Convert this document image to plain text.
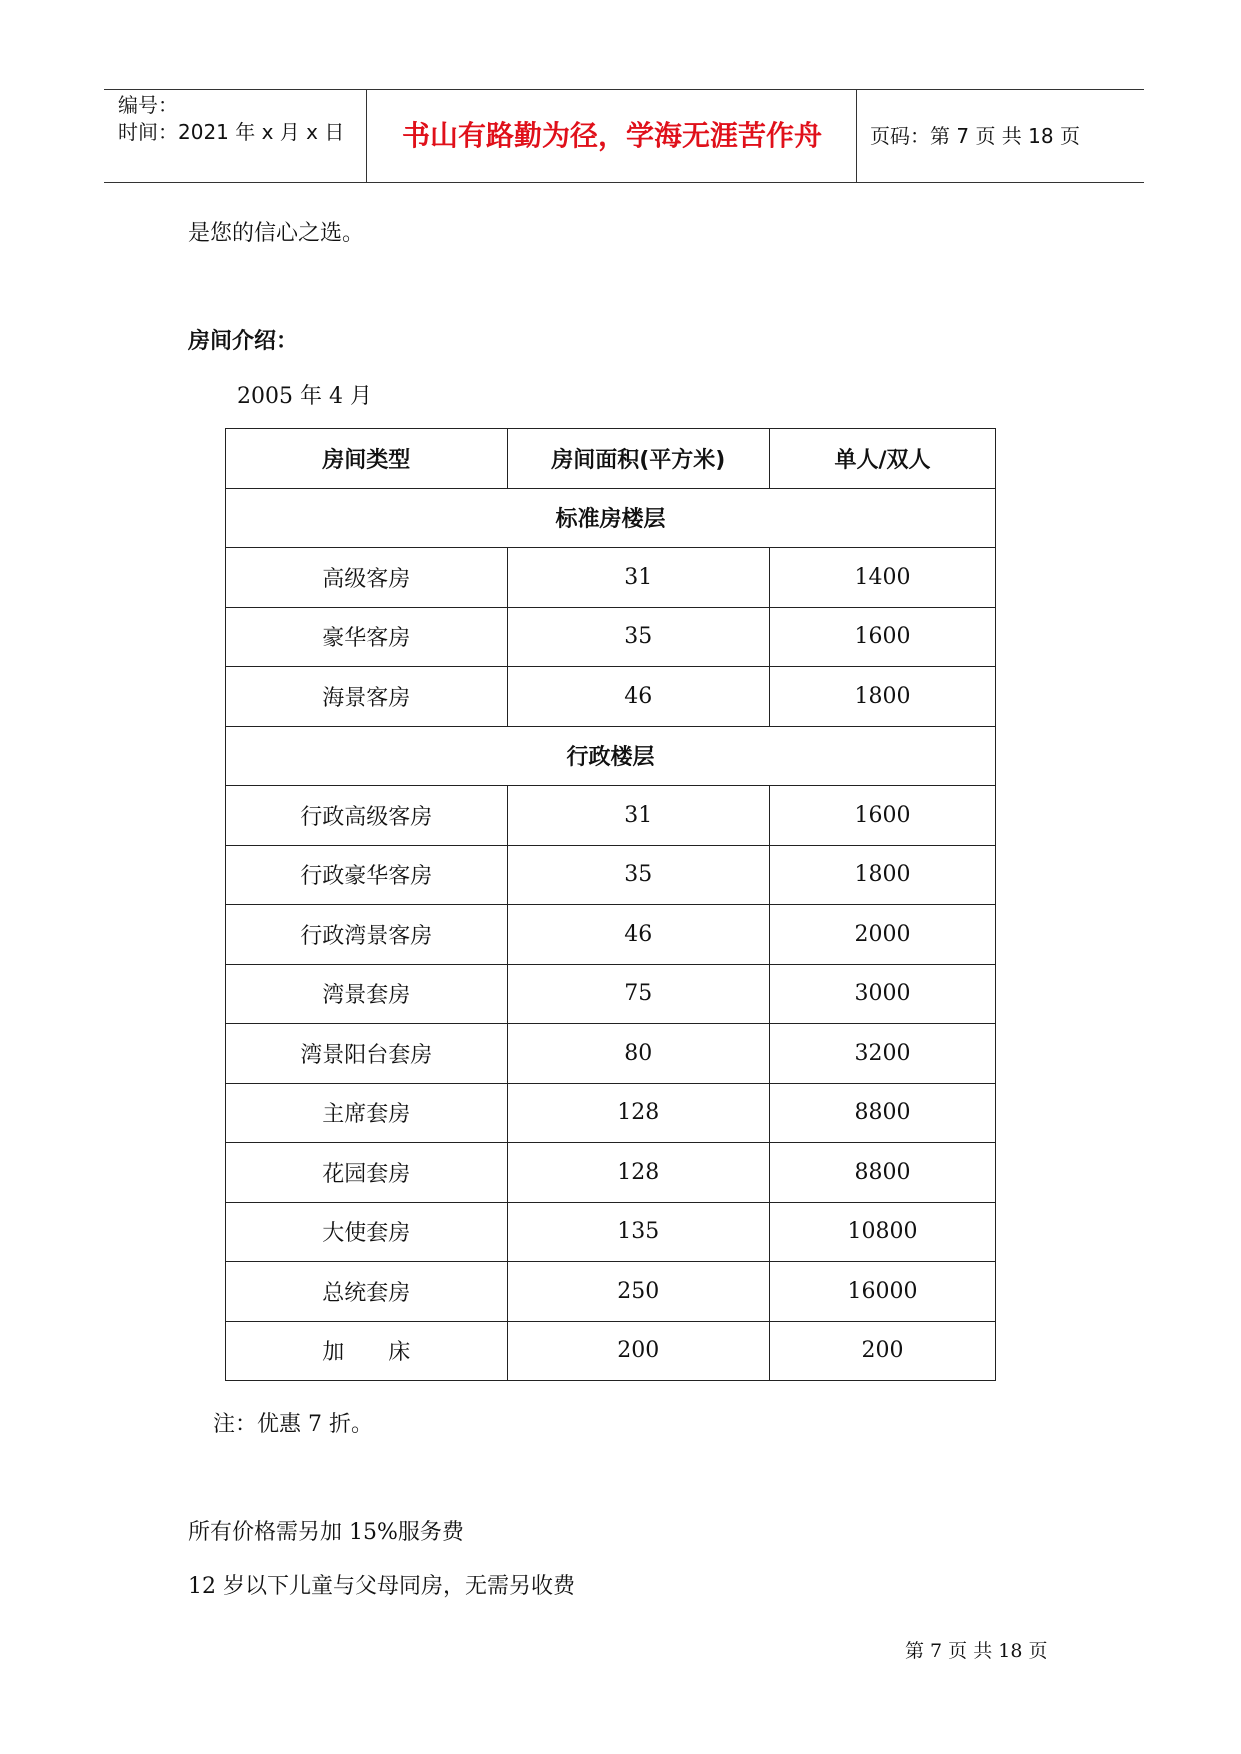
编号：
时间：2021 年 x 月 x 日	书山有路勤为径，学海无涯苦作舟	页码：第 7 页 共 18 页
是您的信心之选。
房间介绍：
2005 年 4 月
房间类型	房间面积(平方米)	单人/双人
标准房楼层		
高级客房	31	1400
豪华客房	35	1600
海景客房	46	1800
行政楼层		
行政高级客房	31	1600
行政豪华客房	35	1800
行政湾景客房	46	2000
湾景套房	75	3000
湾景阳台套房	80	3200
主席套房	128	8800
花园套房	128	8800
大使套房	135	10800
总统套房	250	16000
加　　床	200	200
注：优惠 7 折。
所有价格需另加 15%服务费
12 岁以下儿童与父母同房，无需另收费
第 7 页 共 18 页
